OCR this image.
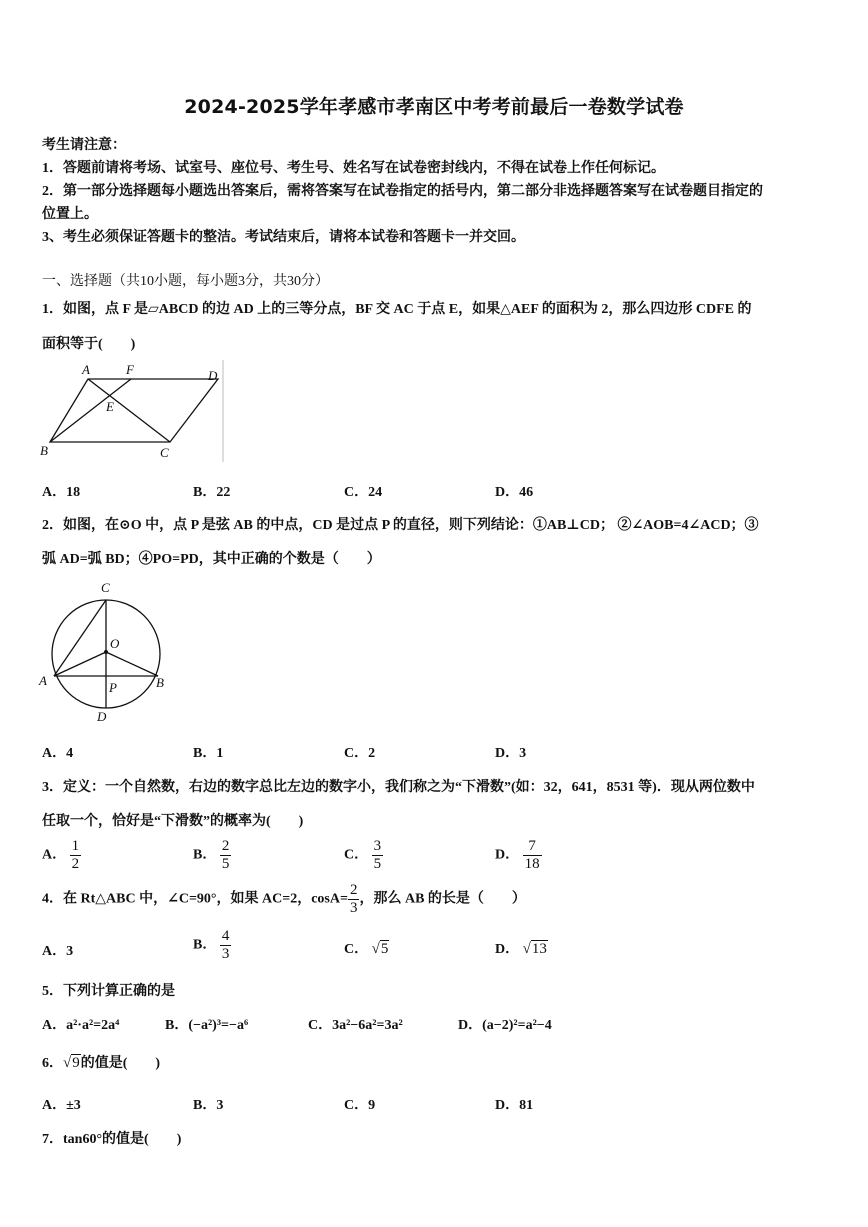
2024-2025学年孝感市孝南区中考考前最后一卷数学试卷
考生请注意：
1．答题前请将考场、试室号、座位号、考生号、姓名写在试卷密封线内，不得在试卷上作任何标记。
2．第一部分选择题每小题选出答案后，需将答案写在试卷指定的括号内，第二部分非选择题答案写在试卷题目指定的
位置上。
3、考生必须保证答题卡的整洁。考试结束后，请将本试卷和答题卡一并交回。
一、选择题（共10小题，每小题3分，共30分）
1．如图，点 F 是▱ABCD 的边 AD 上的三等分点，BF 交 AC 于点 E，如果△AEF 的面积为 2，那么四边形 CDFE 的
面积等于(　　)
A	F	D
E
B	C
A．18	B．22	C．24	D．46
2．如图，在⊙O 中，点 P 是弦 AB 的中点，CD 是过点 P 的直径，则下列结论：①AB⊥CD； ②∠AOB=4∠ACD；③
弧 AD=弧 BD；④PO=PD，其中正确的个数是（　　）
C
O
A	B
P
D
A．4	B．1	C．2	D．3
3．定义：一个自然数，右边的数字总比左边的数字小，我们称之为“下滑数”(如：32，641，8531 等)．现从两位数中
任取一个，恰好是“下滑数”的概率为(　　)
A． $\frac{1}{2}$	B． $\frac{2}{5}$	C． $\frac{3}{5}$	D． $\frac{7}{18}$
4．在 Rt△ABC 中，∠C=90°，如果 AC=2，$\cos A= \frac{2}{3}$ ，那么 AB 的长是（　　）
A．3	B． $\frac{4}{3}$	C． √5	D． √13
5．下列计算正确的是
A．a²·a²=2a⁴	B．(−a²)³=−a⁶	C．3a²−6a²=3a²	D．(a−2)²=a²−4
6．√9的值是(　　)
A．±3	B．3	C．9	D．81
7．tan60°的值是(　　)
